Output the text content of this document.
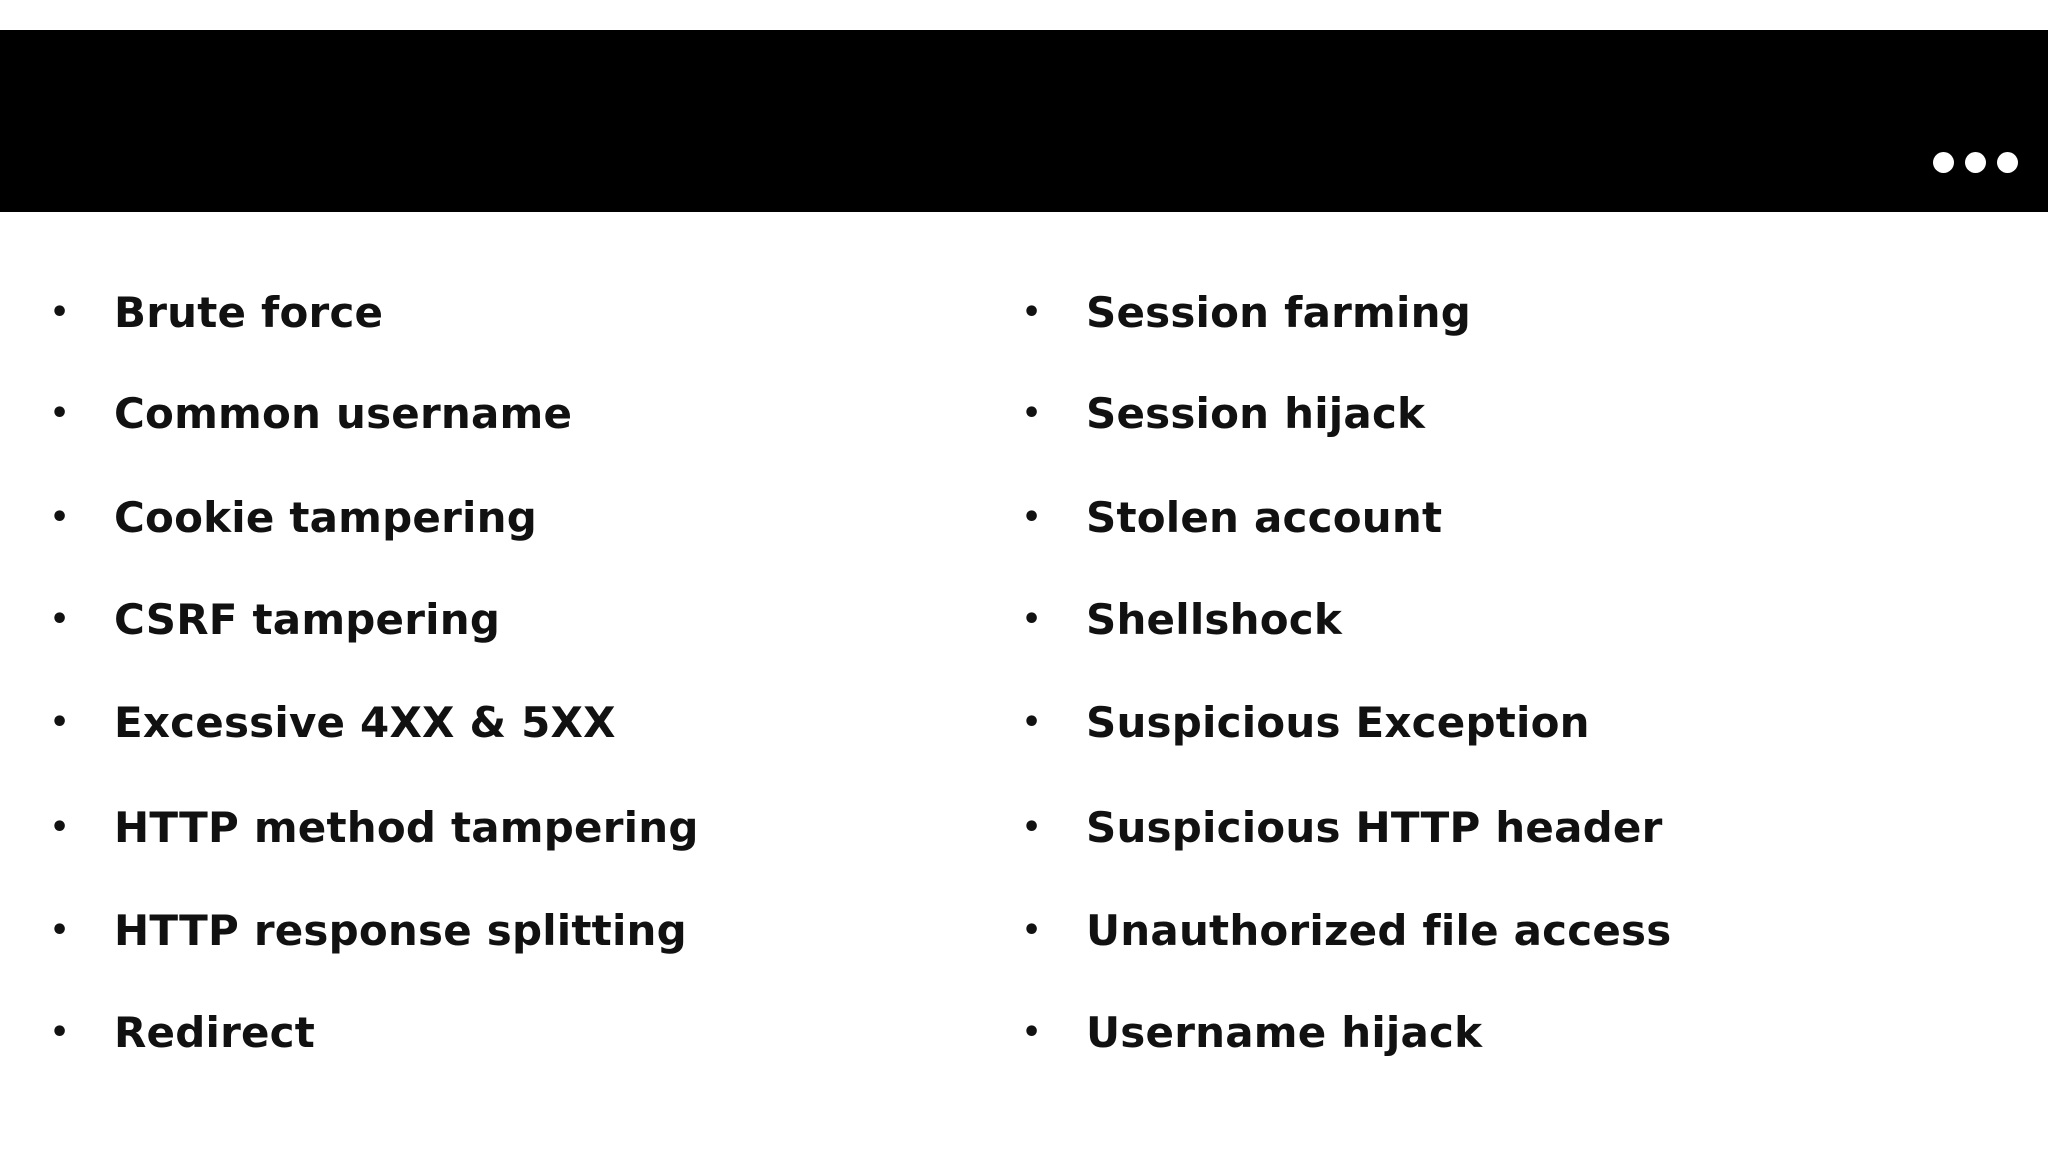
•	Brute force
•	Common username
•	Cookie tampering
•	CSRF tampering
•	Excessive 4XX & 5XX
•	HTTP method tampering
•	HTTP response splitting
•	Redirect
•	Session farming
•	Session hijack
•	Stolen account
•	Shellshock
•	Suspicious Exception
•	Suspicious HTTP header
•	Unauthorized file access
•	Username hijack
